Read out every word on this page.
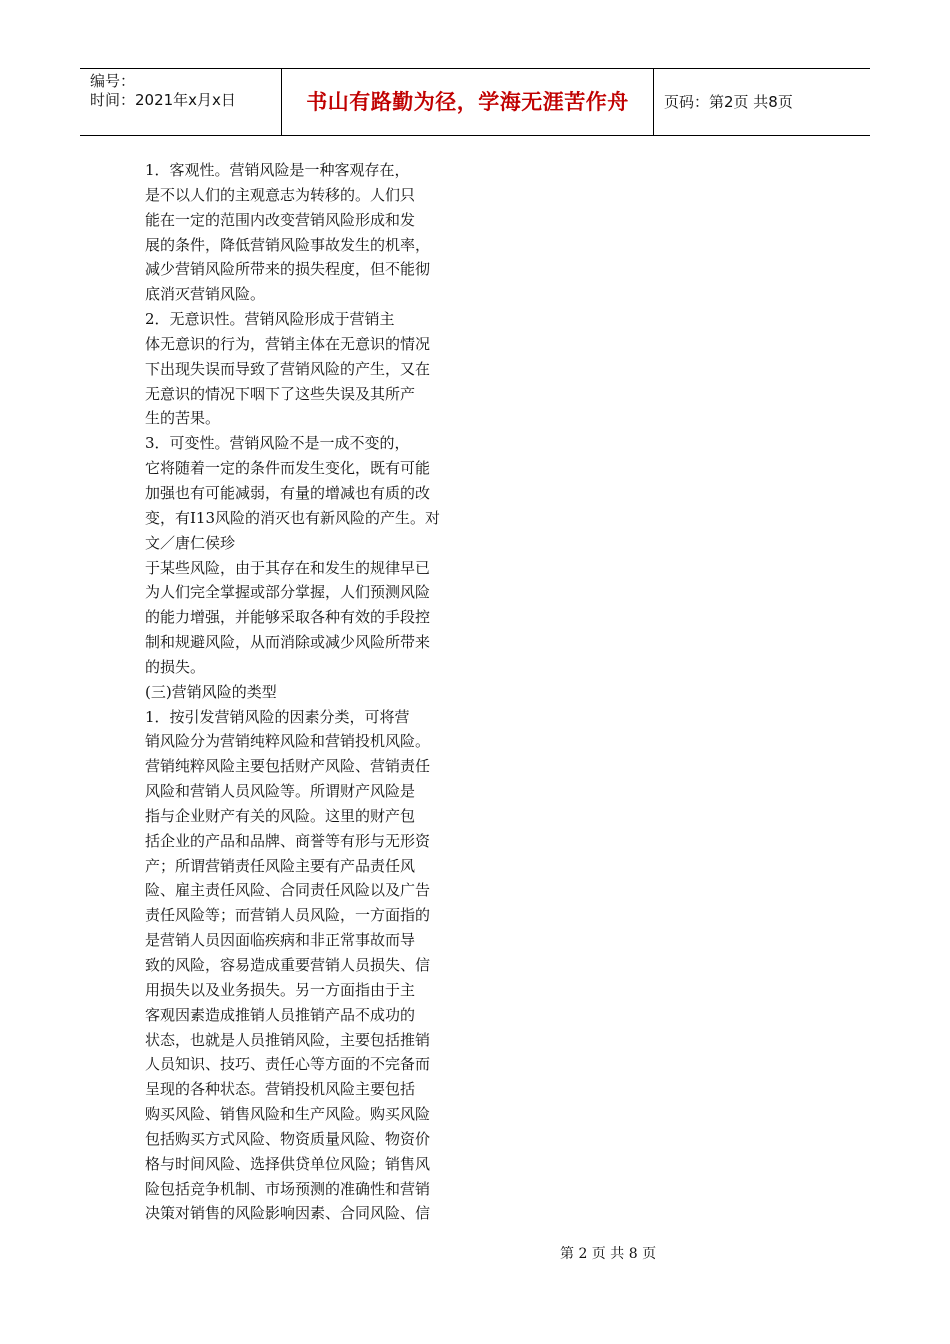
编号：
时间：2021年x月x日	书山有路勤为径，学海无涯苦作舟	页码：第2页 共8页
1．客观性。营销风险是一种客观存在，
是不以人们的主观意志为转移的。人们只
能在一定的范围内改变营销风险形成和发
展的条件，降低营销风险事故发生的机率，
减少营销风险所带来的损失程度，但不能彻
底消灭营销风险。
2．无意识性。营销风险形成于营销主
体无意识的行为，营销主体在无意识的情况
下出现失误而导致了营销风险的产生，又在
无意识的情况下咽下了这些失误及其所产
生的苦果。
3．可变性。营销风险不是一成不变的，
它将随着一定的条件而发生变化，既有可能
加强也有可能减弱，有量的增减也有质的改
变，有I13风险的消灭也有新风险的产生。对
文／唐仁侯珍
于某些风险，由于其存在和发生的规律早已
为人们完全掌握或部分掌握，人们预测风险
的能力增强，并能够采取各种有效的手段控
制和规避风险，从而消除或减少风险所带来
的损失。
(三)营销风险的类型
1．按引发营销风险的因素分类，可将营
销风险分为营销纯粹风险和营销投机风险。
营销纯粹风险主要包括财产风险、营销责任
风险和营销人员风险等。所谓财产风险是
指与企业财产有关的风险。这里的财产包
括企业的产品和品牌、商誉等有形与无形资
产；所谓营销责任风险主要有产品责任风
险、雇主责任风险、合同责任风险以及广告
责任风险等；而营销人员风险，一方面指的
是营销人员因面临疾病和非正常事故而导
致的风险，容易造成重要营销人员损失、信
用损失以及业务损失。另一方面指由于主
客观因素造成推销人员推销产品不成功的
状态，也就是人员推销风险，主要包括推销
人员知识、技巧、责任心等方面的不完备而
呈现的各种状态。营销投机风险主要包括
购买风险、销售风险和生产风险。购买风险
包括购买方式风险、物资质量风险、物资价
格与时间风险、选择供贷单位风险；销售风
险包括竞争机制、市场预测的准确性和营销
决策对销售的风险影响因素、合同风险、信
第 2 页 共 8 页
